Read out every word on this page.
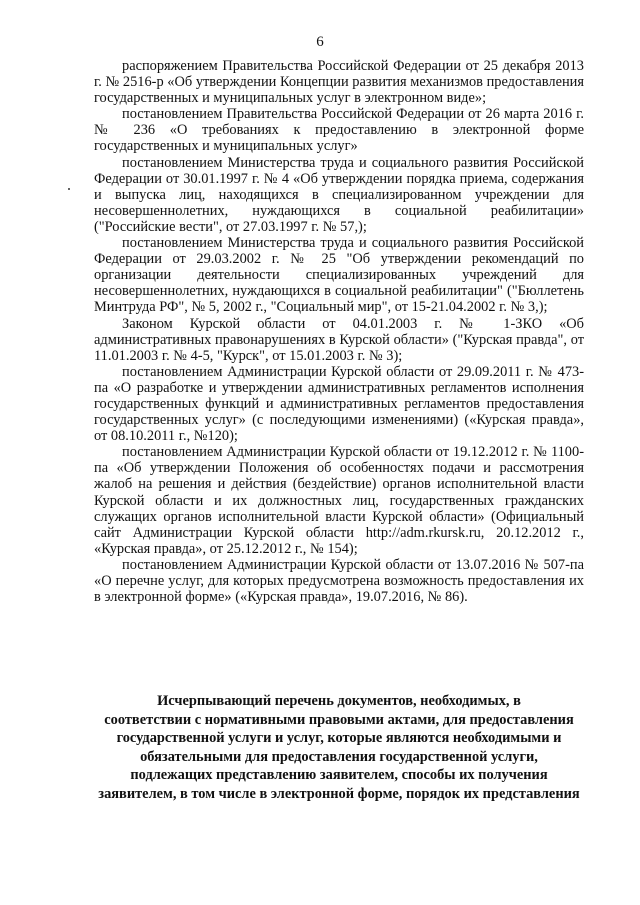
6

распоряжением Правительства Российской Федерации от 25 декабря 2013 г. № 2516-р «Об утверждении Концепции развития механизмов предоставления государственных и муниципальных услуг в электронном виде»;

постановлением Правительства Российской Федерации от 26 марта 2016 г. № 236 «О требованиях к предоставлению в электронной форме государственных и муниципальных услуг»

постановлением Министерства труда и социального развития Российской Федерации от 30.01.1997 г. № 4 «Об утверждении порядка приема, содержания и выпуска лиц, находящихся в специализированном учреждении для несовершеннолетних, нуждающихся в социальной реабилитации» ("Российские вести", от 27.03.1997 г. № 57,);

постановлением Министерства труда и социального развития Российской Федерации от 29.03.2002 г. № 25 "Об утверждении рекомендаций по организации деятельности специализированных учреждений для несовершеннолетних, нуждающихся в социальной реабилитации" ("Бюллетень Минтруда РФ", № 5, 2002 г., "Социальный мир", от 15-21.04.2002 г. № 3,);

Законом Курской области от 04.01.2003 г. № 1-ЗКО «Об административных правонарушениях в Курской области» ("Курская правда", от 11.01.2003 г. № 4-5, "Курск", от 15.01.2003 г. № 3);

постановлением Администрации Курской области от 29.09.2011 г. № 473-па «О разработке и утверждении административных регламентов исполнения государственных функций и административных регламентов предоставления государственных услуг» (с последующими изменениями) («Курская правда», от 08.10.2011 г., №120);

постановлением Администрации Курской области от 19.12.2012 г. № 1100-па «Об утверждении Положения об особенностях подачи и рассмотрения жалоб на решения и действия (бездействие) органов исполнительной власти Курской области и их должностных лиц, государственных гражданских служащих органов исполнительной власти Курской области» (Официальный сайт Администрации Курской области http://adm.rkursk.ru, 20.12.2012 г., «Курская правда», от 25.12.2012 г., № 154);

постановлением Администрации Курской области от 13.07.2016 № 507-па «О перечне услуг, для которых предусмотрена возможность предоставления их в электронной форме» («Курская правда», 19.07.2016, № 86).

Исчерпывающий перечень документов, необходимых, в
соответствии с нормативными правовыми актами, для предоставления
государственной услуги и услуг, которые являются необходимыми и
обязательными для предоставления государственной услуги,
подлежащих представлению заявителем, способы их получения
заявителем, в том числе в электронной форме, порядок их представления
